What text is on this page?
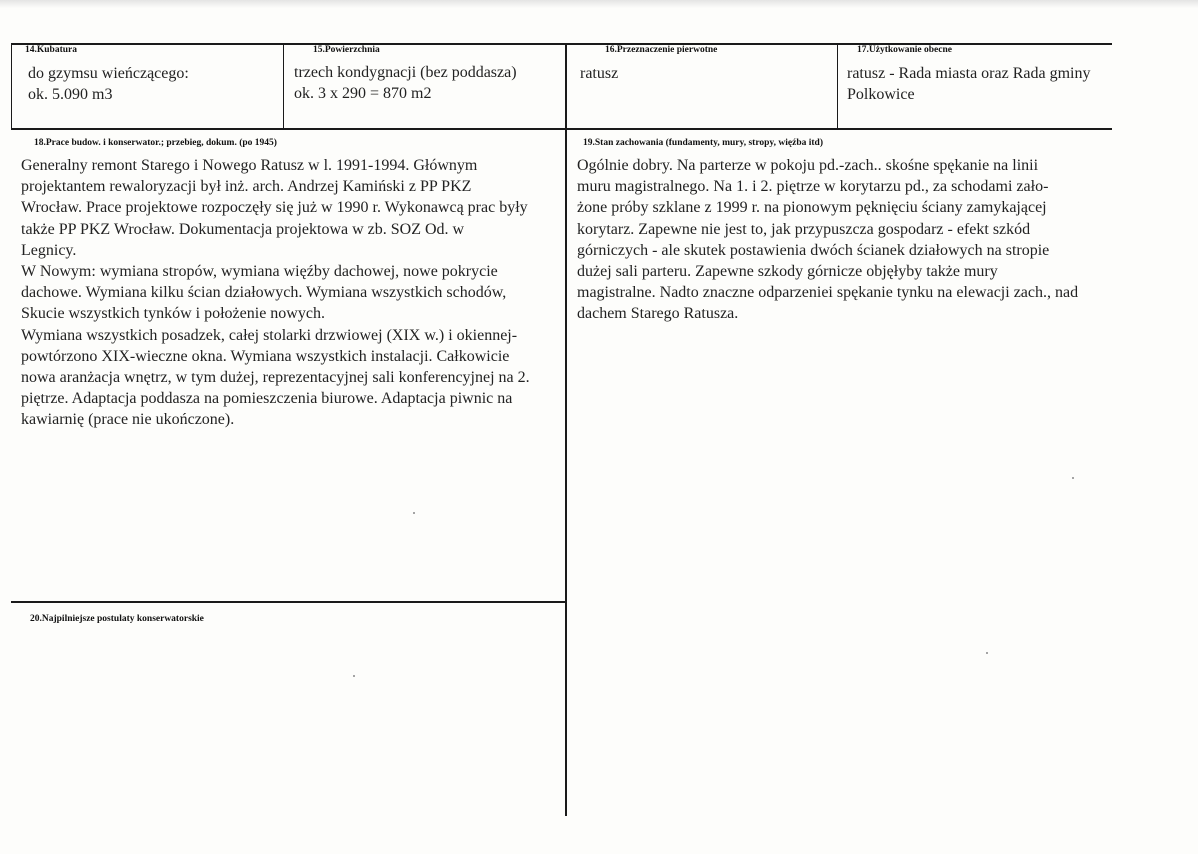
14.Kubatura
do gzymsu wieńczącego:
ok. 5.090 m3
15.Powierzchnia
trzech kondygnacji (bez poddasza)
ok. 3 x 290 = 870 m2
16.Przeznaczenie pierwotne
ratusz
17.Użytkowanie obecne
ratusz - Rada miasta oraz Rada gminy
Polkowice
18.Prace budow. i konserwator.; przebieg, dokum. (po 1945)
Generalny remont Starego i Nowego Ratusz w l. 1991-1994. Głównym
projektantem rewaloryzacji był inż. arch. Andrzej Kamiński z PP PKZ
Wrocław. Prace projektowe rozpoczęły się już w 1990 r. Wykonawcą prac były
także PP PKZ Wrocław. Dokumentacja projektowa w zb. SOZ Od. w
Legnicy.
W Nowym: wymiana stropów, wymiana więźby dachowej, nowe pokrycie
dachowe. Wymiana kilku ścian działowych. Wymiana wszystkich schodów,
Skucie wszystkich tynków i położenie nowych.
Wymiana wszystkich posadzek, całej stolarki drzwiowej (XIX w.) i okiennej-
powtórzono XIX-wieczne okna. Wymiana wszystkich instalacji. Całkowicie
nowa aranżacja wnętrz, w tym dużej, reprezentacyjnej sali konferencyjnej na 2.
piętrze. Adaptacja poddasza na pomieszczenia biurowe. Adaptacja piwnic na
kawiarnię (prace nie ukończone).
19.Stan zachowania (fundamenty, mury, stropy, więźba itd)
Ogólnie dobry. Na parterze w pokoju pd.-zach.. skośne spękanie na linii
muru magistralnego. Na 1. i 2. piętrze w korytarzu pd., za schodami zało-
żone próby szklane z 1999 r. na pionowym pęknięciu ściany zamykającej
korytarz. Zapewne nie jest to, jak przypuszcza gospodarz - efekt szkód
górniczych - ale skutek postawienia dwóch ścianek działowych na stropie
dużej sali parteru. Zapewne szkody górnicze objęłyby także mury
magistralne. Nadto znaczne odparzeniei spękanie tynku na elewacji zach., nad
dachem Starego Ratusza.
20.Najpilniejsze postulaty konserwatorskie
